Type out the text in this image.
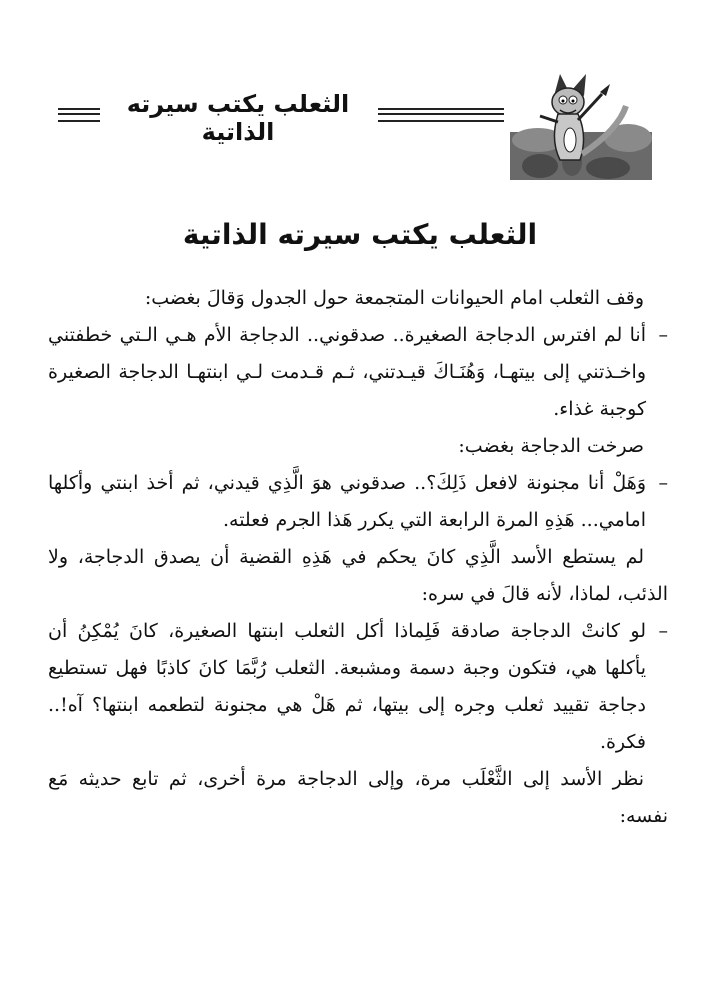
الثعلب يكتب سيرته الذاتية
الثعلب يكتب سيرته الذاتية

وقف الثعلب امام الحيوانات المتجمعة حول الجدول وَقالَ بغضب:

–
أنا لم افترس الدجاجة الصغيرة.. صدقوني.. الدجاجة الأم هـي الـتي خطفتني واخـذتني إلى بيتهـا، وَهُنَـاكَ قيـدتني، ثـم قـدمت لـي ابنتهـا الدجاجة الصغيرة كوجبة غذاء.

صرخت الدجاجة بغضب:

–
وَهَلْ أنا مجنونة لافعل ذَلِكَ؟.. صدقوني هوَ الَّذِي قيدني، ثم أخذ ابنتي وأكلها امامي... هَذِهِ المرة الرابعة التي يكرر هَذا الجرم فعلته.

لم يستطع الأسد الَّذِي كانَ يحكم في هَذِهِ القضية أن يصدق الدجاجة، ولا الذئب، لماذا، لأنه قالَ في سره:

–
لو كانتْ الدجاجة صادقة فَلِماذا أكل الثعلب ابنتها الصغيرة، كانَ يُمْكِنُ أن يأكلها هي، فتكون وجبة دسمة ومشبعة. الثعلب رُبَّمَا كانَ كاذبًا فهل تستطيع دجاجة تقييد ثعلب وجره إلى بيتها، ثم هَلْ هي مجنونة لتطعمه ابنتها؟ آه!.. فكرة.

نظر الأسد إلى الثَّعْلَب مرة، وإلى الدجاجة مرة أخرى، ثم تابع حديثه مَع نفسه:
